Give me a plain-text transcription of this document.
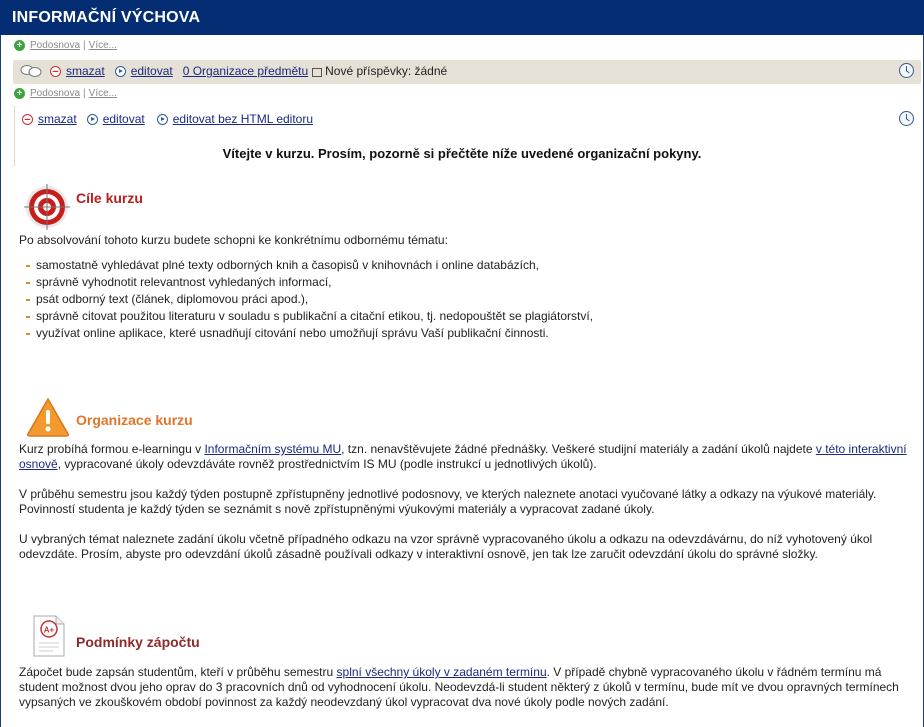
INFORMAČNÍ VÝCHOVA
+ Podosnova | Více...
− smazat editovat 0 Organizace předmětu Nové příspěvky: žádné
+ Podosnova | Více...
− smazat editovat editovat bez HTML editoru
Vítejte v kurzu. Prosím, pozorně si přečtěte níže uvedené organizační pokyny.
Cíle kurzu
Po absolvování tohoto kurzu budete schopni ke konkrétnímu odbornému tématu:
samostatně vyhledávat plné texty odborných knih a časopisů v knihovnách i online databázích,
správně vyhodnotit relevantnost vyhledaných informací,
psát odborný text (článek, diplomovou práci apod.),
správně citovat použitou literaturu v souladu s publikační a citační etikou, tj. nedopouštět se plagiátorství,
využívat online aplikace, které usnadňují citování nebo umožňují správu Vaší publikační činnosti.
Organizace kurzu
Kurz probíhá formou e-learningu v Informačním systému MU, tzn. nenavštěvujete žádné přednášky. Veškeré studijní materiály a zadání úkolů najdete v této interaktivní osnově, vypracované úkoly odevzdáváte rovněž prostřednictvím IS MU (podle instrukcí u jednotlivých úkolů).
V průběhu semestru jsou každý týden postupně zpřístupněny jednotlivé podosnovy, ve kterých naleznete anotaci vyučované látky a odkazy na výukové materiály. Povinností studenta je každý týden se seznámit s nově zpřístupněnými výukovými materiály a vypracovat zadané úkoly.
U vybraných témat naleznete zadání úkolu včetně případného odkazu na vzor správně vypracovaného úkolu a odkazu na odevzdávárnu, do níž vyhotovený úkol odevzdáte. Prosím, abyste pro odevzdání úkolů zásadně používali odkazy v interaktivní osnově, jen tak lze zaručit odevzdání úkolu do správné složky.
A+
Podmínky zápočtu
Zápočet bude zapsán studentům, kteří v průběhu semestru splní všechny úkoly v zadaném termínu. V případě chybně vypracovaného úkolu v řádném termínu má student možnost dvou jeho oprav do 3 pracovních dnů od vyhodnocení úkolu. Neodevzdá-li student některý z úkolů v termínu, bude mít ve dvou opravných termínech vypsaných ve zkouškovém období povinnost za každý neodevzdaný úkol vypracovat dva nové úkoly podle nových zadání.
